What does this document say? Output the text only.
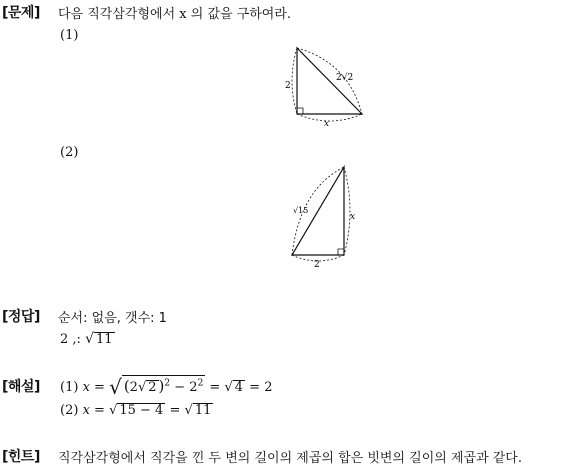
[문제] 다음 직각삼각형에서 x 의 값을 구하여라.
(1)
2
2√2
x
(2)
√15
x
2
[정답] 순서: 없음, 갯수: 1
2 ,: √ 11
[해설] (1) x = √ (2√ 2 )$^2 - 2^2$ = √ 4 = 2
(2) x = √ 15 − 4 = √ 11
[힌트] 직각삼각형에서 직각을 낀 두 변의 길이의 제곱의 합은 빗변의 길이의 제곱과 같다.
